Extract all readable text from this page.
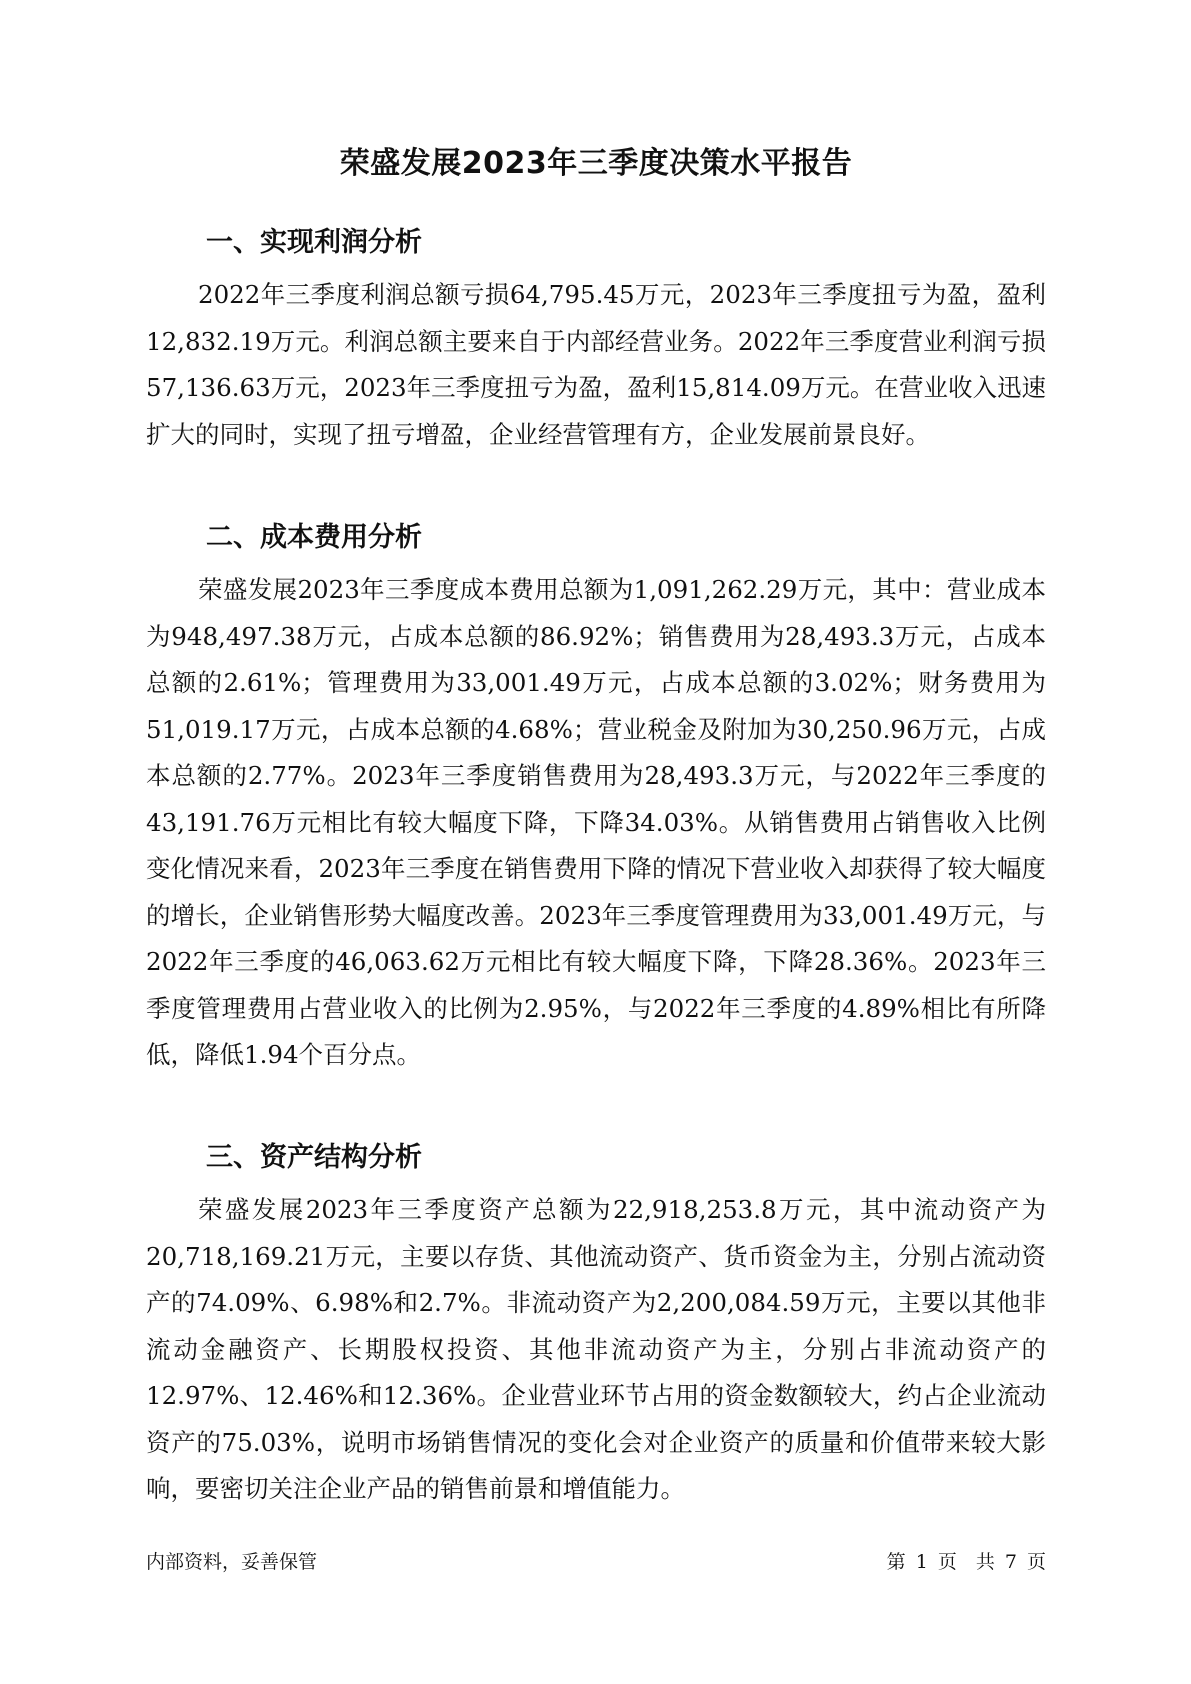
荣盛发展2023年三季度决策水平报告
一、实现利润分析

2022年三季度利润总额亏损64,795.45万元，2023年三季度扭亏为盈，盈利12,832.19万元。利润总额主要来自于内部经营业务。2022年三季度营业利润亏损57,136.63万元，2023年三季度扭亏为盈，盈利15,814.09万元。在营业收入迅速扩大的同时，实现了扭亏增盈，企业经营管理有方，企业发展前景良好。

二、成本费用分析

荣盛发展2023年三季度成本费用总额为1,091,262.29万元，其中：营业成本为948,497.38万元，占成本总额的86.92%；销售费用为28,493.3万元，占成本总额的2.61%；管理费用为33,001.49万元，占成本总额的3.02%；财务费用为51,019.17万元，占成本总额的4.68%；营业税金及附加为30,250.96万元，占成本总额的2.77%。2023年三季度销售费用为28,493.3万元，与2022年三季度的43,191.76万元相比有较大幅度下降，下降34.03%。从销售费用占销售收入比例变化情况来看，2023年三季度在销售费用下降的情况下营业收入却获得了较大幅度的增长，企业销售形势大幅度改善。2023年三季度管理费用为33,001.49万元，与2022年三季度的46,063.62万元相比有较大幅度下降，下降28.36%。2023年三季度管理费用占营业收入的比例为2.95%，与2022年三季度的4.89%相比有所降低，降低1.94个百分点。

三、资产结构分析

荣盛发展2023年三季度资产总额为22,918,253.8万元，其中流动资产为20,718,169.21万元，主要以存货、其他流动资产、货币资金为主，分别占流动资产的74.09%、6.98%和2.7%。非流动资产为2,200,084.59万元，主要以其他非流动金融资产、长期股权投资、其他非流动资产为主，分别占非流动资产的12.97%、12.46%和12.36%。企业营业环节占用的资金数额较大，约占企业流动资产的75.03%，说明市场销售情况的变化会对企业资产的质量和价值带来较大影响，要密切关注企业产品的销售前景和增值能力。

内部资料，妥善保管	第 1 页　共 7 页
